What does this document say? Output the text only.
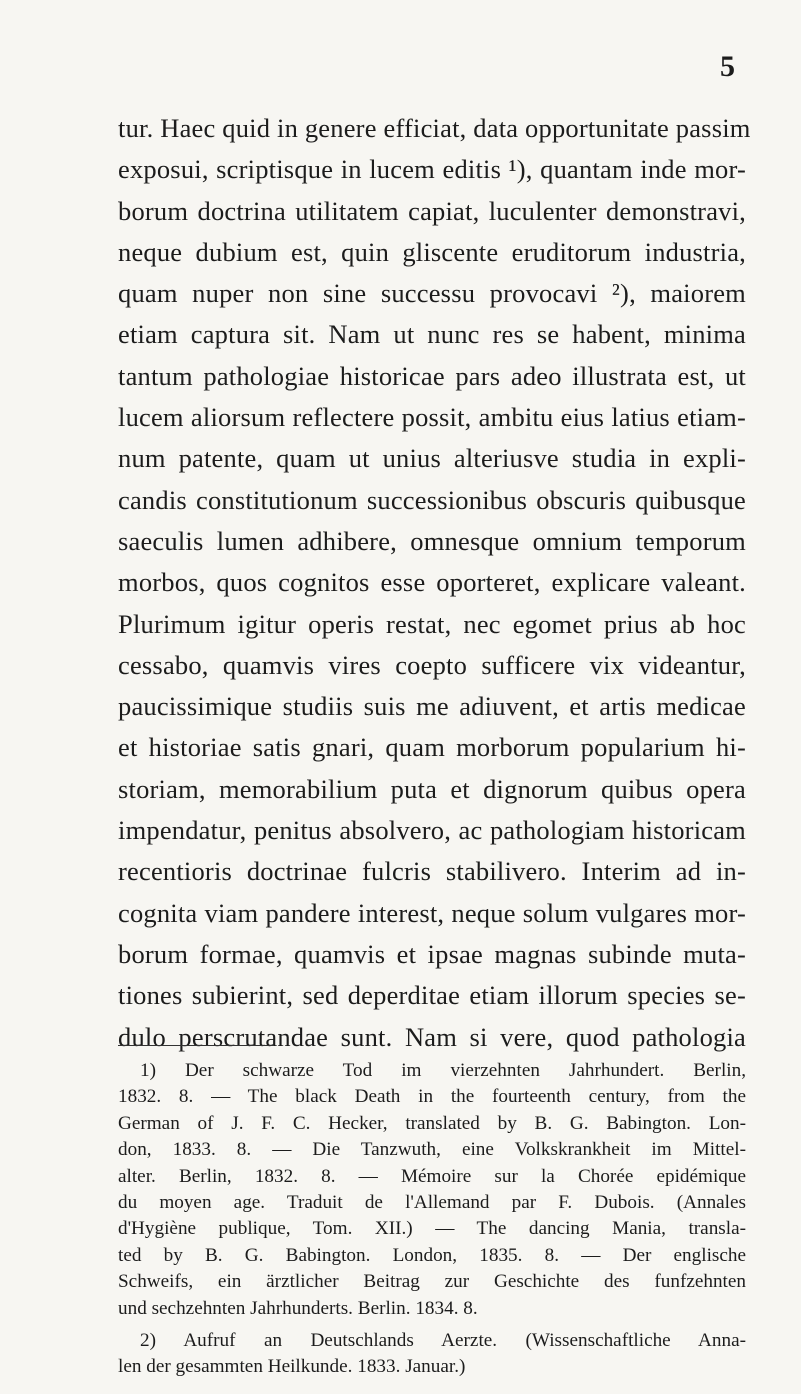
5
tur. Haec quid in genere efficiat, data opportunitate passim
exposui, scriptisque in lucem editis ¹), quantam inde mor-
borum doctrina utilitatem capiat, luculenter demonstravi,
neque dubium est, quin gliscente eruditorum industria,
quam nuper non sine successu provocavi ²), maiorem
etiam captura sit. Nam ut nunc res se habent, minima
tantum pathologiae historicae pars adeo illustrata est, ut
lucem aliorsum reflectere possit, ambitu eius latius etiam-
num patente, quam ut unius alteriusve studia in expli-
candis constitutionum successionibus obscuris quibusque
saeculis lumen adhibere, omnesque omnium temporum
morbos, quos cognitos esse oporteret, explicare valeant.
Plurimum igitur operis restat, nec egomet prius ab hoc
cessabo, quamvis vires coepto sufficere vix videantur,
paucissimique studiis suis me adiuvent, et artis medicae
et historiae satis gnari, quam morborum popularium hi-
storiam, memorabilium puta et dignorum quibus opera
impendatur, penitus absolvero, ac pathologiam historicam
recentioris doctrinae fulcris stabilivero. Interim ad in-
cognita viam pandere interest, neque solum vulgares mor-
borum formae, quamvis et ipsae magnas subinde muta-
tiones subierint, sed deperditae etiam illorum species se-
dulo perscrutandae sunt. Nam si vere, quod pathologia
1) Der schwarze Tod im vierzehnten Jahrhundert. Berlin,
1832. 8. — The black Death in the fourteenth century, from the
German of J. F. C. Hecker, translated by B. G. Babington. Lon-
don, 1833. 8. — Die Tanzwuth, eine Volkskrankheit im Mittel-
alter. Berlin, 1832. 8. — Mémoire sur la Chorée epidémique
du moyen age. Traduit de l'Allemand par F. Dubois. (Annales
d'Hygiène publique, Tom. XII.) — The dancing Mania, transla-
ted by B. G. Babington. London, 1835. 8. — Der englische
Schweifs, ein ärztlicher Beitrag zur Geschichte des funfzehnten
und sechzehnten Jahrhunderts. Berlin. 1834. 8.
2) Aufruf an Deutschlands Aerzte. (Wissenschaftliche Anna-
len der gesammten Heilkunde. 1833. Januar.)
